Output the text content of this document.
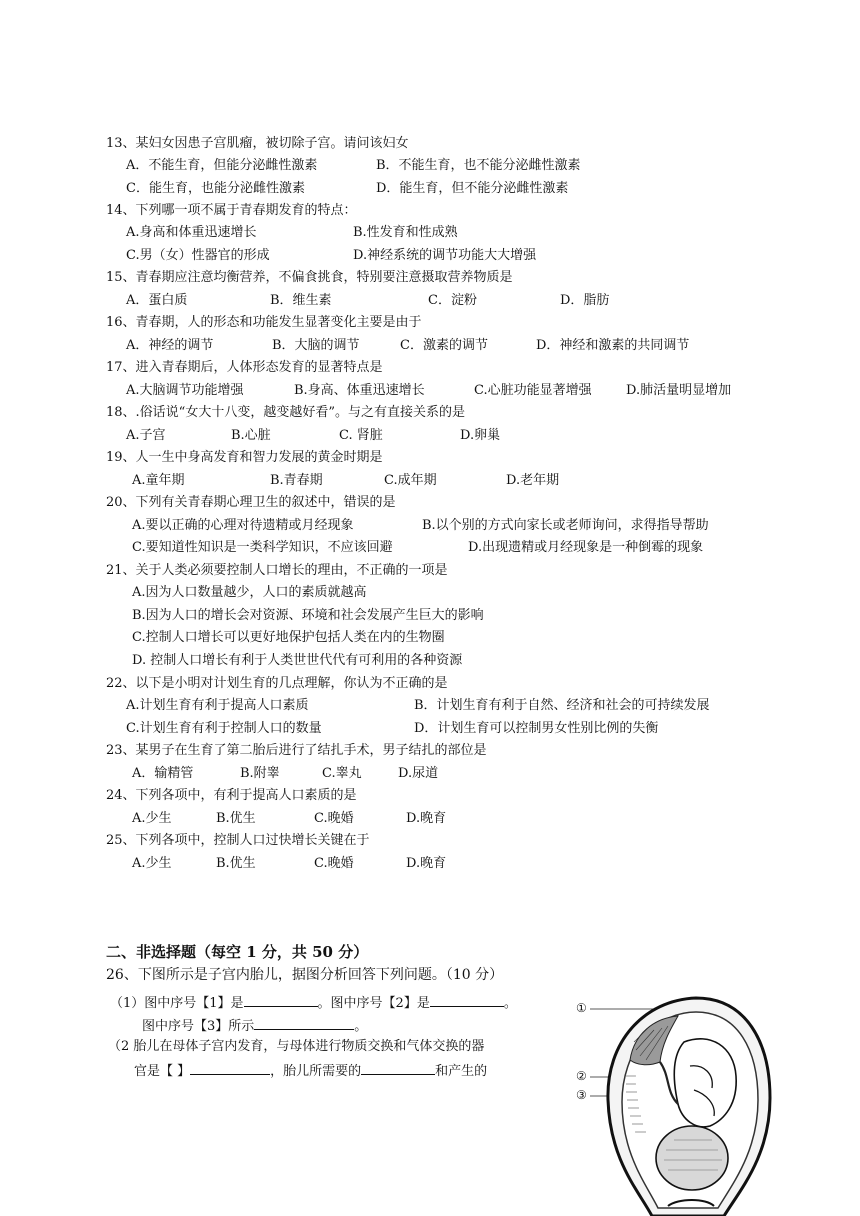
13、某妇女因患子宫肌瘤，被切除子宫。请问该妇女
A．不能生育，但能分泌雌性激素	B．不能生育，也不能分泌雌性激素
C．能生育，也能分泌雌性激素	D．能生育，但不能分泌雌性激素
14、下列哪一项不属于青春期发育的特点：
A.身高和体重迅速增长	B.性发育和性成熟
C.男（女）性器官的形成	D.神经系统的调节功能大大增强
15、青春期应注意均衡营养，不偏食挑食，特别要注意摄取营养物质是
A．蛋白质	B．维生素	C．淀粉	D．脂肪
16、青春期，人的形态和功能发生显著变化主要是由于
A．神经的调节	B．大脑的调节	C．激素的调节	D．神经和激素的共同调节
17、进入青春期后，人体形态发育的显著特点是
A.大脑调节功能增强	B.身高、体重迅速增长	C.心脏功能显著增强	D.肺活量明显增加
18、.俗话说“女大十八变，越变越好看”。与之有直接关系的是
A.子宫	B.心脏	C. 肾脏	D.卵巢
19、人一生中身高发育和智力发展的黄金时期是
A.童年期	B.青春期	C.成年期	D.老年期
20、下列有关青春期心理卫生的叙述中，错误的是
A.要以正确的心理对待遗精或月经现象	B.以个别的方式向家长或老师询问，求得指导帮助
C.要知道性知识是一类科学知识，不应该回避	D.出现遗精或月经现象是一种倒霉的现象
21、关于人类必须要控制人口增长的理由，不正确的一项是
A.因为人口数量越少，人口的素质就越高
B.因为人口的增长会对资源、环境和社会发展产生巨大的影响
C.控制人口增长可以更好地保护包括人类在内的生物圈
D. 控制人口增长有利于人类世世代代有可利用的各种资源
22、以下是小明对计划生育的几点理解，你认为不正确的是
A.计划生育有利于提高人口素质	B．计划生育有利于自然、经济和社会的可持续发展
C.计划生育有利于控制人口的数量	D．计划生育可以控制男女性别比例的失衡
23、某男子在生育了第二胎后进行了结扎手术，男子结扎的部位是
A．输精管	B.附睾	C.睾丸	D.尿道
24、下列各项中，有利于提高人口素质的是
A.少生	B.优生	C.晚婚	D.晚育
25、下列各项中，控制人口过快增长关键在于
A.少生	B.优生	C.晚婚	D.晚育
二、非选择题（每空 1 分，共 50 分）
26、下图所示是子宫内胎儿，据图分析回答下列问题。（10 分）
（1）图中序号【1】是	。图中序号【2】是	。
图中序号【3】所示	。
（2 胎儿在母体子宫内发育，与母体进行物质交换和气体交换的器
官是【 】	，胎儿所需要的	和产生的
①
②
③
